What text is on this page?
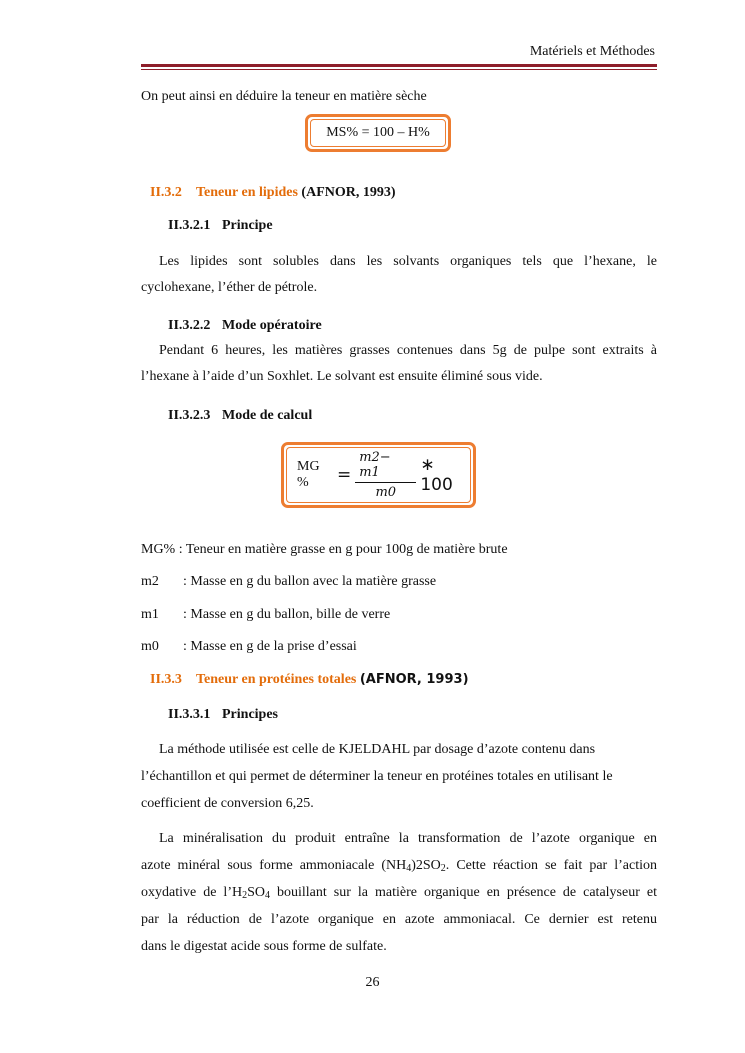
Matériels et Méthodes
On peut ainsi en déduire la teneur en matière sèche
MS% = 100 – H%
II.3.2 Teneur en lipides (AFNOR, 1993)
II.3.2.1 Principe
Les lipides sont solubles dans les solvants organiques tels que l’hexane, le
cyclohexane, l’éther de pétrole.
II.3.2.2 Mode opératoire
Pendant 6 heures, les matières grasses contenues dans 5g de pulpe sont extraits à
l’hexane à l’aide d’un Soxhlet. Le solvant est ensuite éliminé sous vide.
II.3.2.3 Mode de calcul
MG %	= $\frac{m2- m1}{m0}$ ∗ 100
MG% : Teneur en matière grasse en g pour 100g de matière brute
m2 : Masse en g du ballon avec la matière grasse
m1 : Masse en g du ballon, bille de verre
m0 : Masse en g de la prise d’essai
II.3.3 Teneur en protéines totales (AFNOR, 1993)
II.3.3.1 Principes
La méthode utilisée est celle de KJELDAHL par dosage d’azote contenu dans
l’échantillon et qui permet de déterminer la teneur en protéines totales en utilisant le
coefficient de conversion 6,25.
La minéralisation du produit entraîne la transformation de l’azote organique en
azote minéral sous forme ammoniacale $(NH_4)2SO_2$. Cette réaction se fait par l’action
oxydative de $l’H_2SO_4$ bouillant sur la matière organique en présence de catalyseur et
par la réduction de l’azote organique en azote ammoniacal. Ce dernier est retenu
dans le digestat acide sous forme de sulfate.
26
